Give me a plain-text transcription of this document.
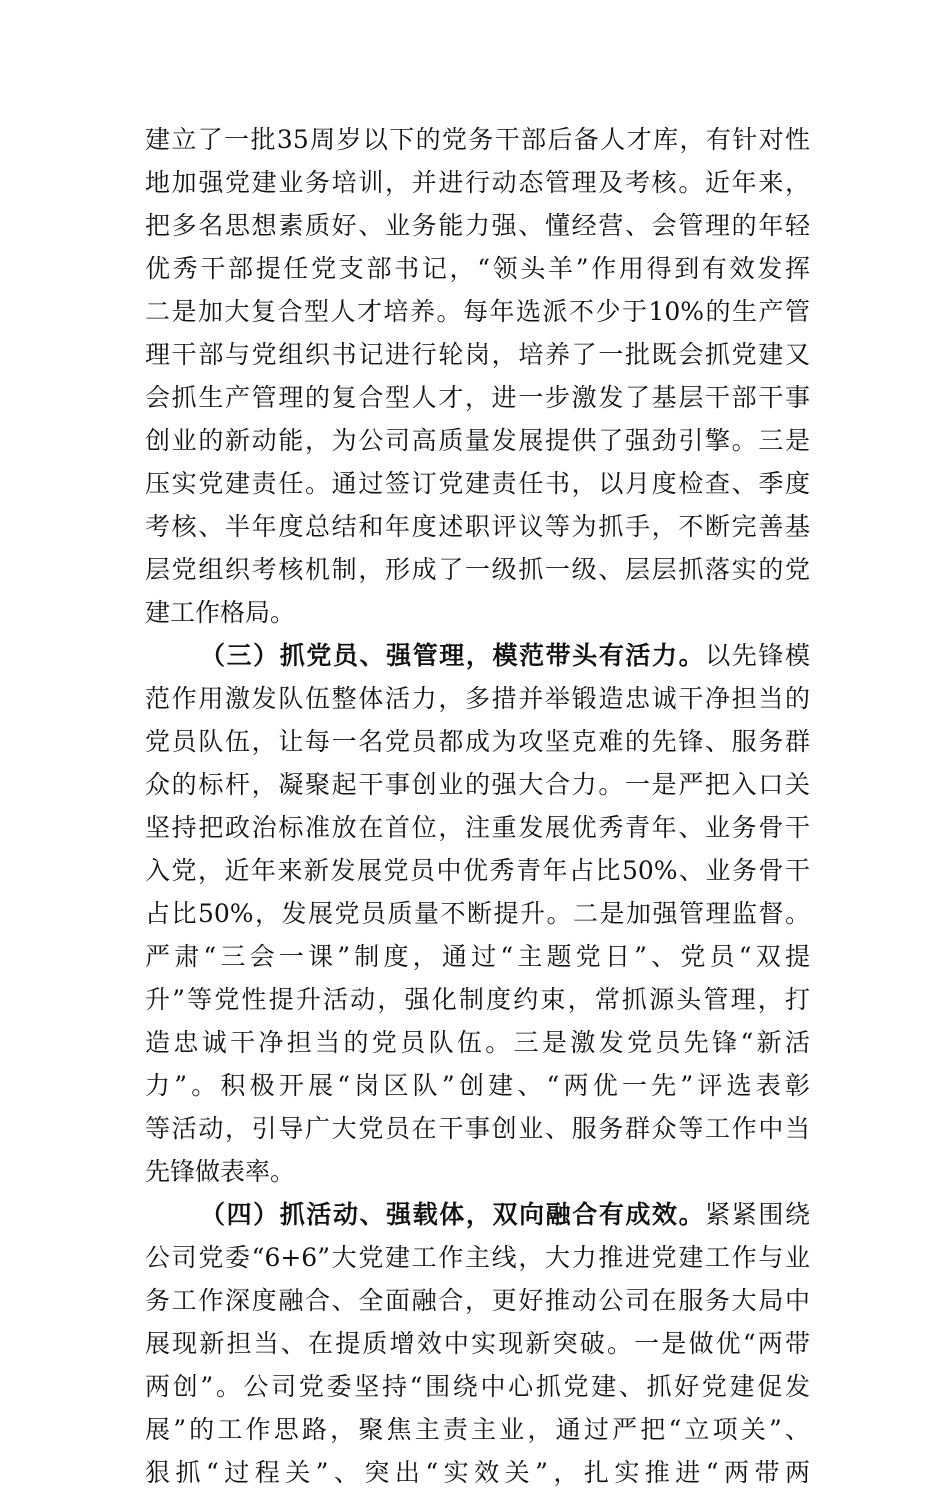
建立了一批35周岁以下的党务干部后备人才库，有针对性
地加强党建业务培训，并进行动态管理及考核。近年来，
把多名思想素质好、业务能力强、懂经营、会管理的年轻
优秀干部提任党支部书记，“领头羊”作用得到有效发挥
二是加大复合型人才培养。每年选派不少于10%的生产管
理干部与党组织书记进行轮岗，培养了一批既会抓党建又
会抓生产管理的复合型人才，进一步激发了基层干部干事
创业的新动能，为公司高质量发展提供了强劲引擎。三是
压实党建责任。通过签订党建责任书，以月度检查、季度
考核、半年度总结和年度述职评议等为抓手，不断完善基
层党组织考核机制，形成了一级抓一级、层层抓落实的党
建工作格局。
（三）抓党员、强管理，模范带头有活力。以先锋模
范作用激发队伍整体活力，多措并举锻造忠诚干净担当的
党员队伍，让每一名党员都成为攻坚克难的先锋、服务群
众的标杆，凝聚起干事创业的强大合力。一是严把入口关
坚持把政治标准放在首位，注重发展优秀青年、业务骨干
入党，近年来新发展党员中优秀青年占比50%、业务骨干
占比50%，发展党员质量不断提升。二是加强管理监督。
严肃“三会一课”制度，通过“主题党日”、党员“双提
升”等党性提升活动，强化制度约束，常抓源头管理，打
造忠诚干净担当的党员队伍。三是激发党员先锋“新活
力”。积极开展“岗区队”创建、“两优一先”评选表彰
等活动，引导广大党员在干事创业、服务群众等工作中当
先锋做表率。
（四）抓活动、强载体，双向融合有成效。紧紧围绕
公司党委“6+6”大党建工作主线，大力推进党建工作与业
务工作深度融合、全面融合，更好推动公司在服务大局中
展现新担当、在提质增效中实现新突破。一是做优“两带
两创”。公司党委坚持“围绕中心抓党建、抓好党建促发
展”的工作思路，聚焦主责主业，通过严把“立项关”、
狠抓“过程关”、突出“实效关”，扎实推进“两带两
